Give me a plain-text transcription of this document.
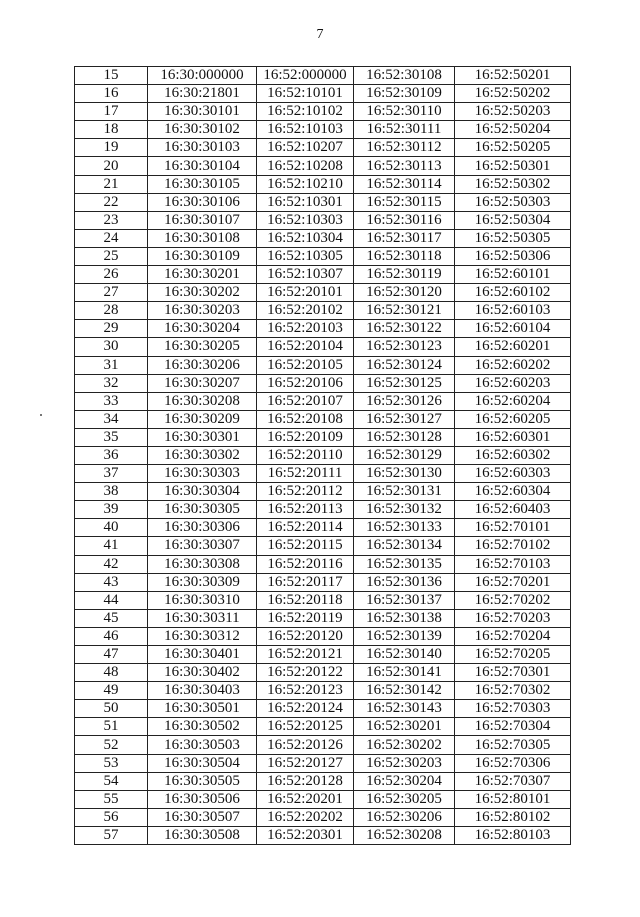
7
15	16:30:000000	16:52:000000	16:52:30108	16:52:50201
16	16:30:21801	16:52:10101	16:52:30109	16:52:50202
17	16:30:30101	16:52:10102	16:52:30110	16:52:50203
18	16:30:30102	16:52:10103	16:52:30111	16:52:50204
19	16:30:30103	16:52:10207	16:52:30112	16:52:50205
20	16:30:30104	16:52:10208	16:52:30113	16:52:50301
21	16:30:30105	16:52:10210	16:52:30114	16:52:50302
22	16:30:30106	16:52:10301	16:52:30115	16:52:50303
23	16:30:30107	16:52:10303	16:52:30116	16:52:50304
24	16:30:30108	16:52:10304	16:52:30117	16:52:50305
25	16:30:30109	16:52:10305	16:52:30118	16:52:50306
26	16:30:30201	16:52:10307	16:52:30119	16:52:60101
27	16:30:30202	16:52:20101	16:52:30120	16:52:60102
28	16:30:30203	16:52:20102	16:52:30121	16:52:60103
29	16:30:30204	16:52:20103	16:52:30122	16:52:60104
30	16:30:30205	16:52:20104	16:52:30123	16:52:60201
31	16:30:30206	16:52:20105	16:52:30124	16:52:60202
32	16:30:30207	16:52:20106	16:52:30125	16:52:60203
33	16:30:30208	16:52:20107	16:52:30126	16:52:60204
34	16:30:30209	16:52:20108	16:52:30127	16:52:60205
35	16:30:30301	16:52:20109	16:52:30128	16:52:60301
36	16:30:30302	16:52:20110	16:52:30129	16:52:60302
37	16:30:30303	16:52:20111	16:52:30130	16:52:60303
38	16:30:30304	16:52:20112	16:52:30131	16:52:60304
39	16:30:30305	16:52:20113	16:52:30132	16:52:60403
40	16:30:30306	16:52:20114	16:52:30133	16:52:70101
41	16:30:30307	16:52:20115	16:52:30134	16:52:70102
42	16:30:30308	16:52:20116	16:52:30135	16:52:70103
43	16:30:30309	16:52:20117	16:52:30136	16:52:70201
44	16:30:30310	16:52:20118	16:52:30137	16:52:70202
45	16:30:30311	16:52:20119	16:52:30138	16:52:70203
46	16:30:30312	16:52:20120	16:52:30139	16:52:70204
47	16:30:30401	16:52:20121	16:52:30140	16:52:70205
48	16:30:30402	16:52:20122	16:52:30141	16:52:70301
49	16:30:30403	16:52:20123	16:52:30142	16:52:70302
50	16:30:30501	16:52:20124	16:52:30143	16:52:70303
51	16:30:30502	16:52:20125	16:52:30201	16:52:70304
52	16:30:30503	16:52:20126	16:52:30202	16:52:70305
53	16:30:30504	16:52:20127	16:52:30203	16:52:70306
54	16:30:30505	16:52:20128	16:52:30204	16:52:70307
55	16:30:30506	16:52:20201	16:52:30205	16:52:80101
56	16:30:30507	16:52:20202	16:52:30206	16:52:80102
57	16:30:30508	16:52:20301	16:52:30208	16:52:80103
